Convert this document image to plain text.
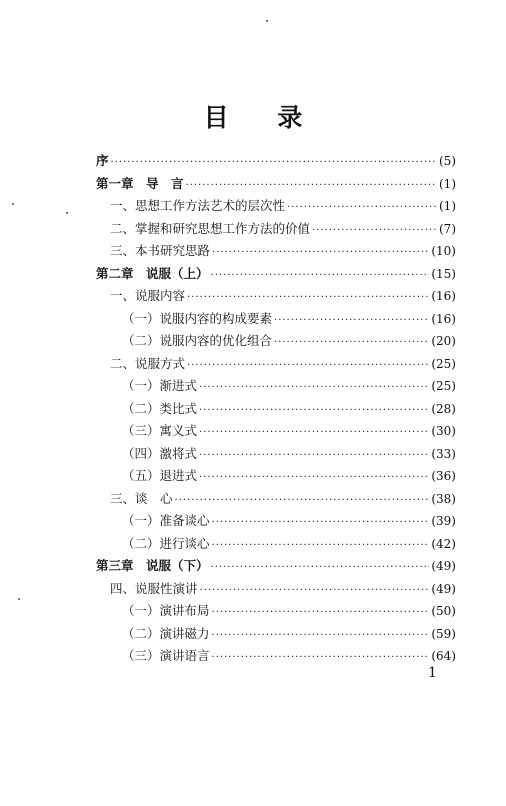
目 录
序 ·····	(5)
第一章　导　言 ·····	(1)
一、思想工作方法艺术的层次性 ·····	(1)
二、掌握和研究思想工作方法的价值 ·····	(7)
三、本书研究思路 ·····	(10)
第二章　说服（上） ·····	(15)
一、说服内容 ·····	(16)
（一）说服内容的构成要素 ·····	(16)
（二）说服内容的优化组合 ·····	(20)
二、说服方式 ·····	(25)
（一）渐进式 ·····	(25)
（二）类比式 ·····	(28)
（三）寓义式 ·····	(30)
（四）激将式 ·····	(33)
（五）退进式 ·····	(36)
三、谈　心 ·····	(38)
（一）准备谈心 ·····	(39)
（二）进行谈心 ·····	(42)
第三章　说服（下） ·····	(49)
四、说服性演讲 ·····	(49)
（一）演讲布局 ·····	(50)
（二）演讲磁力 ·····	(59)
（三）演讲语言 ·····	(64)
1
